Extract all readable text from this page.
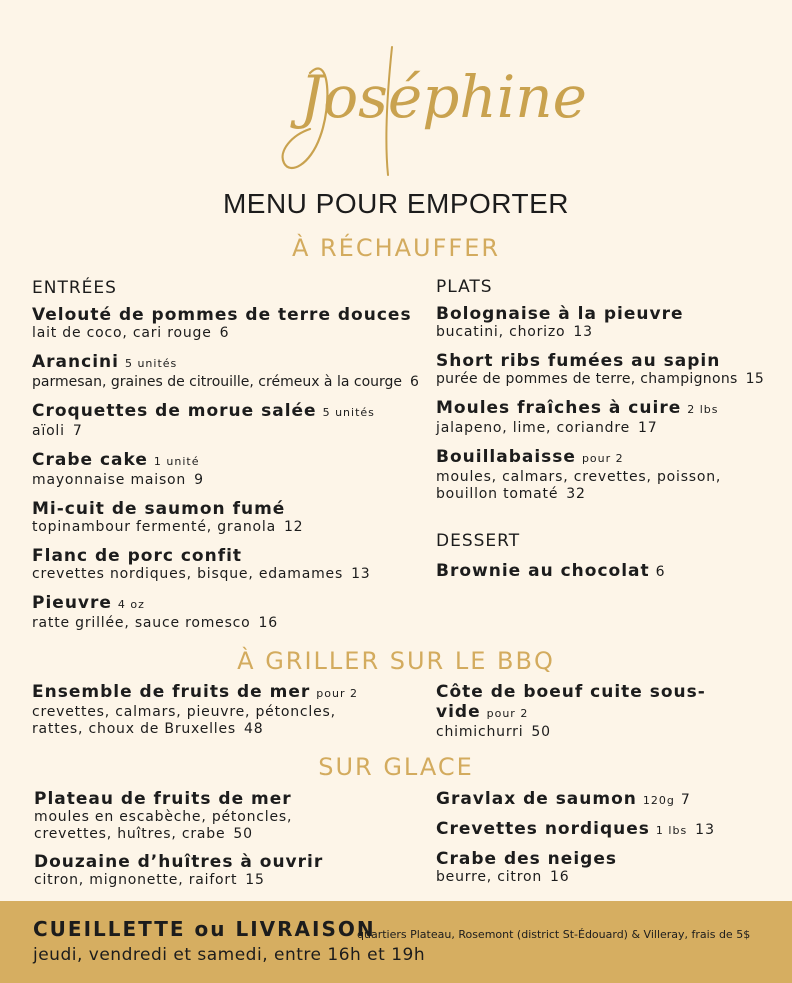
Joséphine
MENU POUR EMPORTER
À RÉCHAUFFER
ENTRÉES
Velouté de pommes de terre douces
lait de coco, cari rouge 6
Arancini 5 unités
parmesan, graines de citrouille, crémeux à la courge 6
Croquettes de morue salée 5 unités
aïoli 7
Crabe cake 1 unité
mayonnaise maison 9
Mi-cuit de saumon fumé
topinambour fermenté, granola 12
Flanc de porc confit
crevettes nordiques, bisque, edamames 13
Pieuvre 4 oz
ratte grillée, sauce romesco 16
PLATS
Bolognaise à la pieuvre
bucatini, chorizo 13
Short ribs fumées au sapin
purée de pommes de terre, champignons 15
Moules fraîches à cuire 2 lbs
jalapeno, lime, coriandre 17
Bouillabaisse pour 2
moules, calmars, crevettes, poisson, bouillon tomaté 32
DESSERT
Brownie au chocolat 6
À GRILLER SUR LE BBQ
Ensemble de fruits de mer pour 2
crevettes, calmars, pieuvre, pétoncles, rattes, choux de Bruxelles 48
Côte de boeuf cuite sous-vide pour 2
chimichurri 50
SUR GLACE
Plateau de fruits de mer
moules en escabèche, pétoncles, crevettes, huîtres, crabe 50
Douzaine d’huîtres à ouvrir
citron, mignonette, raifort 15
Gravlax de saumon 120g 7
Crevettes nordiques 1 lbs 13
Crabe des neiges
beurre, citron 16
CUEILLETTE ou LIVRAISON
quartiers Plateau, Rosemont (district St-Édouard) & Villeray, frais de 5$
jeudi, vendredi et samedi, entre 16h et 19h
